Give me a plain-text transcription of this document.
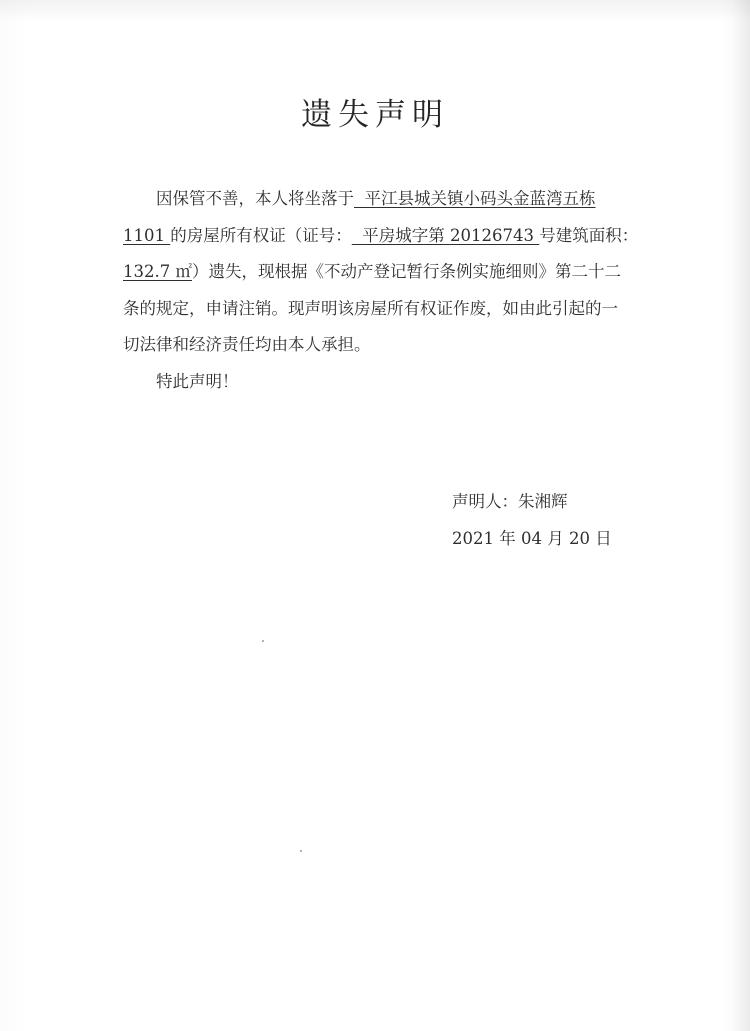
遗失声明
因保管不善，本人将坐落于  平江县城关镇小码头金蓝湾五栋
1101 的房屋所有权证（证号：  平房城字第 20126743 号建筑面积：
132.7 ㎡）遗失，现根据《不动产登记暂行条例实施细则》第二十二
条的规定，申请注销。现声明该房屋所有权证作废，如由此引起的一
切法律和经济责任均由本人承担。
特此声明！
声明人：朱湘辉
2021 年 04 月 20 日
